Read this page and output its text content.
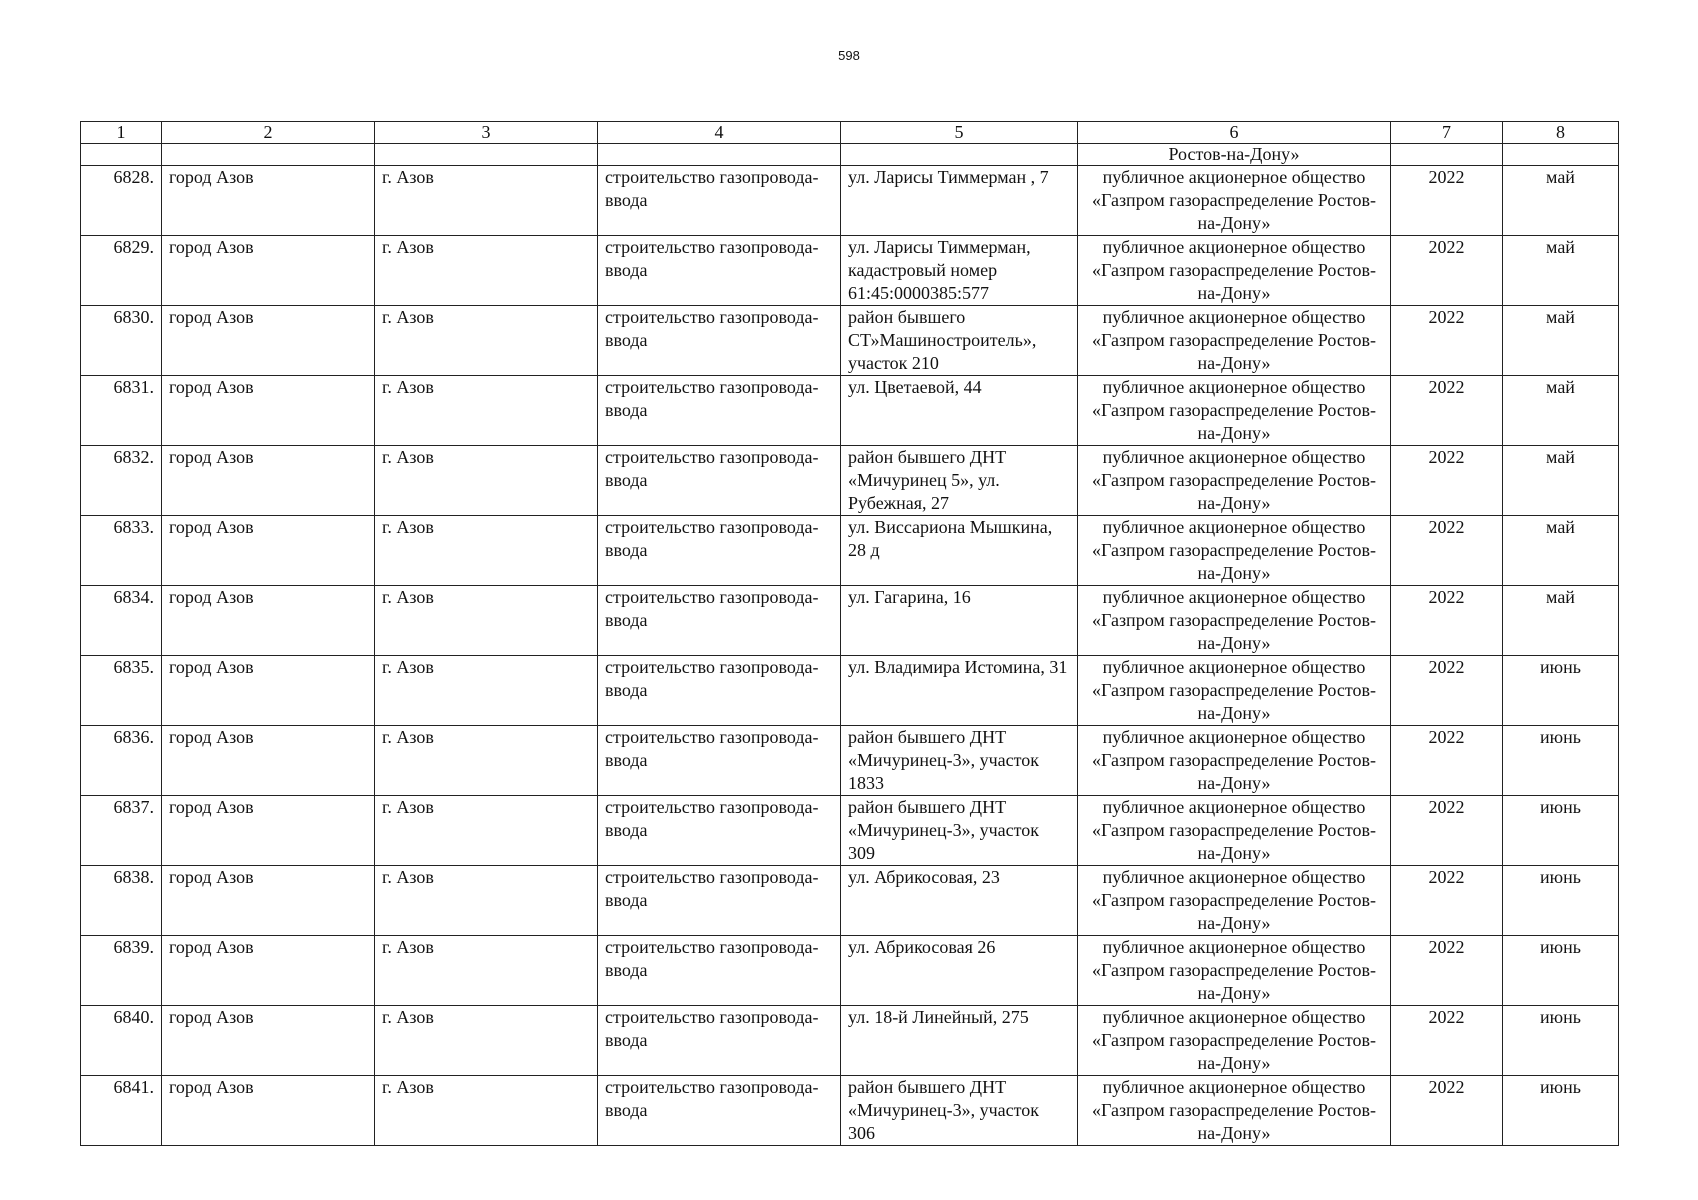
598
1	2	3	4	5	6	7	8
					Ростов-на-Дону»		
6828.	город Азов	г. Азов	строительство газопровода-ввода	ул. Ларисы Тиммерман , 7	публичное акционерное общество «Газпром газораспределение Ростов-на-Дону»	2022	май
6829.	город Азов	г. Азов	строительство газопровода-ввода	ул. Ларисы Тиммерман, кадастровый номер 61:45:0000385:577	публичное акционерное общество «Газпром газораспределение Ростов-на-Дону»	2022	май
6830.	город Азов	г. Азов	строительство газопровода-ввода	район бывшего СТ»Машиностроитель», участок 210	публичное акционерное общество «Газпром газораспределение Ростов-на-Дону»	2022	май
6831.	город Азов	г. Азов	строительство газопровода-ввода	ул. Цветаевой, 44	публичное акционерное общество «Газпром газораспределение Ростов-на-Дону»	2022	май
6832.	город Азов	г. Азов	строительство газопровода-ввода	район бывшего ДНТ «Мичуринец 5», ул. Рубежная, 27	публичное акционерное общество «Газпром газораспределение Ростов-на-Дону»	2022	май
6833.	город Азов	г. Азов	строительство газопровода-ввода	ул. Виссариона Мышкина, 28 д	публичное акционерное общество «Газпром газораспределение Ростов-на-Дону»	2022	май
6834.	город Азов	г. Азов	строительство газопровода-ввода	ул. Гагарина, 16	публичное акционерное общество «Газпром газораспределение Ростов-на-Дону»	2022	май
6835.	город Азов	г. Азов	строительство газопровода-ввода	ул. Владимира Истомина, 31	публичное акционерное общество «Газпром газораспределение Ростов-на-Дону»	2022	июнь
6836.	город Азов	г. Азов	строительство газопровода-ввода	район бывшего ДНТ «Мичуринец-3», участок 1833	публичное акционерное общество «Газпром газораспределение Ростов-на-Дону»	2022	июнь
6837.	город Азов	г. Азов	строительство газопровода-ввода	район бывшего ДНТ «Мичуринец-3», участок 309	публичное акционерное общество «Газпром газораспределение Ростов-на-Дону»	2022	июнь
6838.	город Азов	г. Азов	строительство газопровода-ввода	ул. Абрикосовая, 23	публичное акционерное общество «Газпром газораспределение Ростов-на-Дону»	2022	июнь
6839.	город Азов	г. Азов	строительство газопровода-ввода	ул. Абрикосовая 26	публичное акционерное общество «Газпром газораспределение Ростов-на-Дону»	2022	июнь
6840.	город Азов	г. Азов	строительство газопровода-ввода	ул. 18-й Линейный, 275	публичное акционерное общество «Газпром газораспределение Ростов-на-Дону»	2022	июнь
6841.	город Азов	г. Азов	строительство газопровода-ввода	район бывшего ДНТ «Мичуринец-3», участок 306	публичное акционерное общество «Газпром газораспределение Ростов-на-Дону»	2022	июнь
